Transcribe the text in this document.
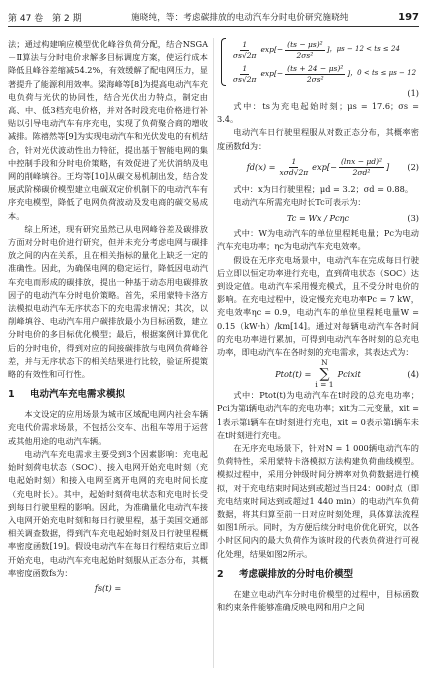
第 47 卷　第 2 期	施晓纯，等：考虑碳排放的电动汽车分时电价研究施晓纯	197

法；通过构建响应模型优化峰谷负荷分配，结合NSGA－Ⅱ算法与分时电价求解多目标调度方案，使运行成本降低且峰谷差缩减54.2%，有效缓解了配电网压力，显著提升了能源利用效率。梁海峰等[8]为提高电动汽车充电负荷与光伏的协同性，结合光伏出力特点，制定由高、中、低3档充电价格，并对各时段充电价格进行补贴以引导电动汽车有序充电，实现了负荷聚合商的增收减排。陈禧然等[9]为实现电动汽车和光伏发电的有机结合，针对光伏波动性出力特征，提出基于智能电网的集中控制手段和分时电价策略，有效促进了光伏消纳及电网的削峰填谷。王均等[10]从碳交易机制出发，结合发展武阶梯碳价模型建立电碳双定价机制下的电动汽车有序充电模型，降低了电网负荷波动及发电商的碳交易成本。

综上所述，现有研究虽然已从电网峰谷差及碳排放方面对分时电价进行研究，但并未充分考虑电网与碳排放之间的内在关系，且在相关指标的量化上缺乏一定的准确性。因此，为确保电网的稳定运行，降低因电动汽车充电而形成的碳排放，提出一种基于动态用电碳排放因子的电动汽车分时电价策略。首先，采用蒙特卡洛方法模拟电动汽车无序状态下的充电需求情况；其次，以削峰填谷、电动汽车用户碳排放最小为目标函数，建立分时电价的多目标优化模型；最后，根据案例计算优化后的分时电价，得到对应的间接碳排放与电网负荷峰谷差，并与无序状态下的相关结果进行比较，验证所提策略的有效性和可行性。

1 电动汽车充电需求模拟

本文设定的应用场景为城市区域配电网内社会车辆充电代价需求场景，不包括公交车、出租车等用于运营或其他用途的电动汽车辆。

电动汽车充电需求主要受到3个因素影响：充电起始时刻荷电状态（SOC）、接入电网开始充电时刻（充电起始时刻）和接入电网至离开电网的充电时间长度（充电时长）。其中，起始时刻荷电状态和充电时长受到每日行驶里程的影响。因此，为准确量化电动汽车接入电网开始充电时刻和每日行驶里程，基于美国交通部相关调查数据，得到汽车充电起始时刻及日行驶里程概率密度函数[19]。假设电动汽车在每日行程结束后立即开始充电，电动汽车充电起始时刻服从正态分布，其概率密度函数fs为：

fs(t) =
$\frac{1}{\sigma s√2\pi}$ exp [− $\frac{\text{(ts − μs)²}}{\text{2σs²}}$ ] ，μs − 12 < ts ≤ 24
$\frac{1}{\sigma s√2\pi}$ exp [− $\frac{\text{(ts + 24 − μs)²}}{\text{2σs²}}$ ] ，0 < ts ≤ μs − 12
(1)

式中：ts为充电起始时刻；μs = 17.6；σs = 3.4。

电动汽车日行驶里程服从对数正态分布，其概率密度函数fd为：

$fd(x) = \frac{1}{\text{xσd√2π}}$ exp [− $\frac{\text{(lnx − μd)²}}{\text{2σd²}}$ ] (2)

式中：x为日行驶里程；μd = 3.2；σd = 0.88。

电动汽车所需充电时长Tc可表示为：

Tc = Wx / Pcηc	(3)

式中：W为电动汽车的单位里程耗电量；Pc为电动汽车充电功率；ηc为电动汽车充电效率。

假设在无序充电场景中，电动汽车在完成每日行驶后立即以恒定功率进行充电，直到荷电状态（SOC）达到设定值。电动汽车采用慢充模式，且不受分时电价的影响。在充电过程中，设定慢充充电功率Pc = 7 kW，充电效率ηc = 0.9，电动汽车的单位里程耗电量W = 0.15（kW·h）/km[14]。通过对每辆电动汽车各时间的充电功率进行累加，可得到电动汽车各时刻的总充电功率，即电动汽车在各时刻的充电需求，其表达式为：

Ptot(t) =
N
∑
i = 1
Pcixit	(4)

式中：Ptot(t)为电动汽车在t时段的总充电功率；Pci为第i辆电动汽车的充电功率；xit为二元变量，xit = 1表示第i辆车在t时刻进行充电，xit = 0表示第i辆车未在t时刻进行充电。

在无序充电场景下，针对N = 1 000辆电动汽车的负荷特性，采用蒙特卡洛模拟方法构建负荷曲线模型。模拟过程中，采用分钟级时间分辨率对负荷数据进行模拟，对于充电结束时间达到或超过当日24：00时点（即充电结束时间达到或超过1 440 min）的电动汽车负荷数据，将其归算至前一日对应时刻处理，具体算法流程如图1所示。同时，为方便后续分时电价优化研究，以各小时区间内的最大负荷作为该时段的代表负荷进行可视化处理，结果如图2所示。

2 考虑碳排放的分时电价模型

在建立电动汽车分时电价模型的过程中，目标函数和约束条件能够准确反映电网和用户之间
